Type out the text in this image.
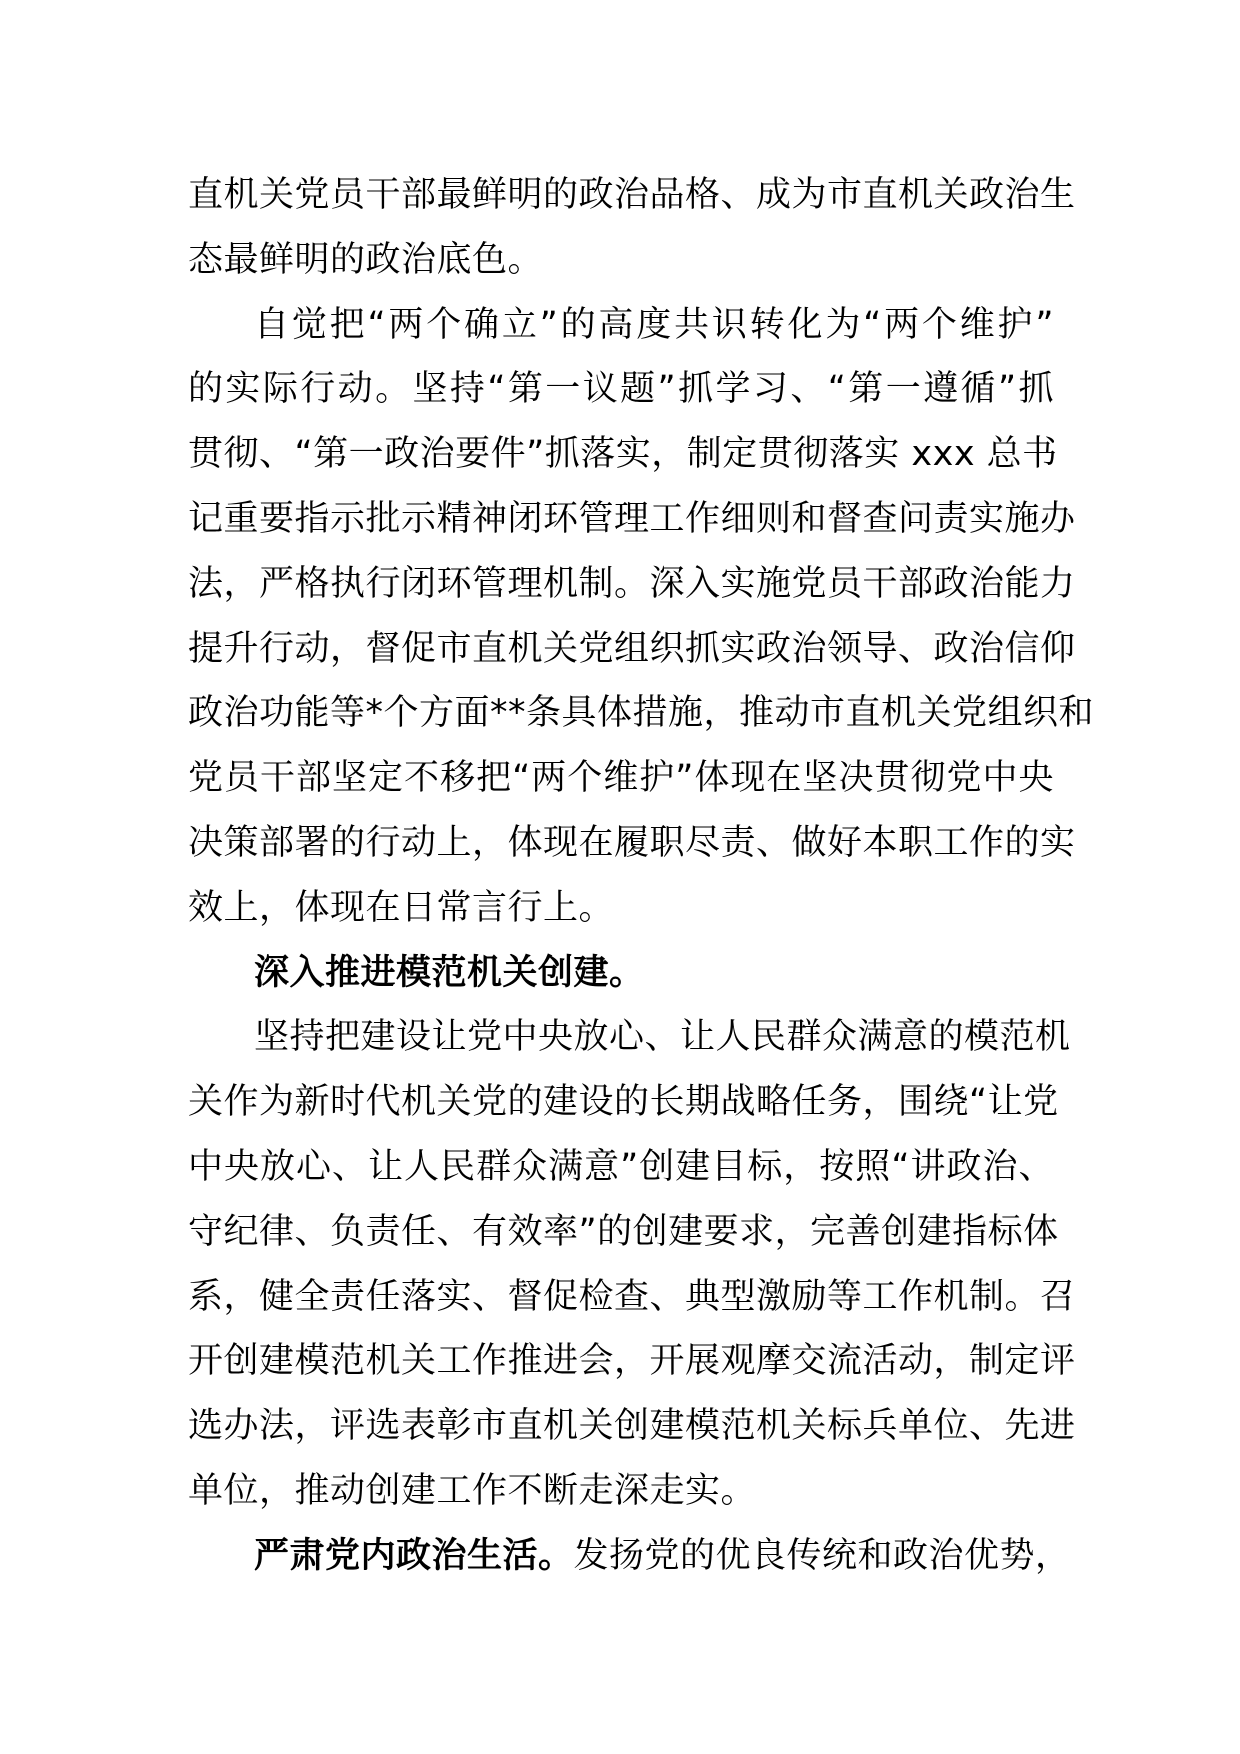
直机关党员干部最鲜明的政治品格、成为市直机关政治生
态最鲜明的政治底色。
自觉把“两个确立”的高度共识转化为“两个维护”
的实际行动。坚持“第一议题”抓学习、“第一遵循”抓
贯彻、“第一政治要件”抓落实，制定贯彻落实 xxx 总书
记重要指示批示精神闭环管理工作细则和督查问责实施办
法，严格执行闭环管理机制。深入实施党员干部政治能力
提升行动，督促市直机关党组织抓实政治领导、政治信仰
政治功能等*个方面**条具体措施，推动市直机关党组织和
党员干部坚定不移把“两个维护”体现在坚决贯彻党中央
决策部署的行动上，体现在履职尽责、做好本职工作的实
效上，体现在日常言行上。
深入推进模范机关创建。
坚持把建设让党中央放心、让人民群众满意的模范机
关作为新时代机关党的建设的长期战略任务，围绕“让党
中央放心、让人民群众满意”创建目标，按照“讲政治、
守纪律、负责任、有效率”的创建要求，完善创建指标体
系，健全责任落实、督促检查、典型激励等工作机制。召
开创建模范机关工作推进会，开展观摩交流活动，制定评
选办法，评选表彰市直机关创建模范机关标兵单位、先进
单位，推动创建工作不断走深走实。
严肃党内政治生活。发扬党的优良传统和政治优势，
